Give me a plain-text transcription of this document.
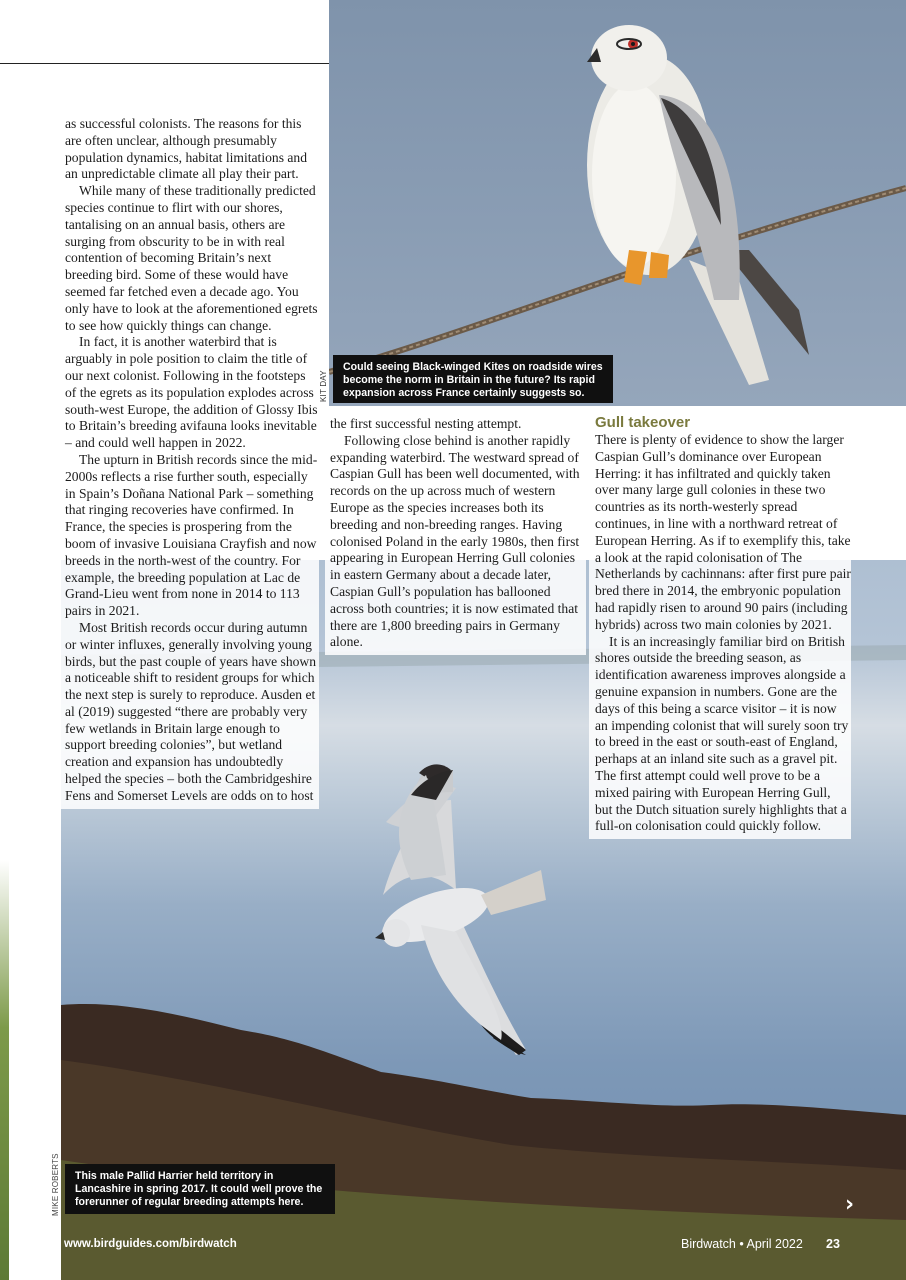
Could seeing Black-winged Kites on roadside wires become the norm in Britain in the future? Its rapid expansion across France certainly suggests so.
KIT DAY

as successful colonists. The reasons for this are often unclear, although presumably population dynamics, habitat limitations and an unpredictable climate all play their part.

While many of these traditionally predicted species continue to flirt with our shores, tantalising on an annual basis, others are surging from obscurity to be in with real contention of becoming Britain’s next breeding bird. Some of these would have seemed far fetched even a decade ago. You only have to look at the aforementioned egrets to see how quickly things can change.

In fact, it is another waterbird that is arguably in pole position to claim the title of our next colonist. Following in the footsteps of the egrets as its population explodes across south-west Europe, the addition of Glossy Ibis to Britain’s breeding avifauna looks inevitable – and could well happen in 2022.

The upturn in British records since the mid-2000s reflects a rise further south, especially in Spain’s Doñana National Park – something that ringing recoveries have confirmed. In France, the species is prospering from the boom of invasive Louisiana Crayfish and now breeds in the north-west of the country. For example, the breeding population at Lac de Grand-Lieu went from none in 2014 to 113 pairs in 2021.

Most British records occur during autumn or winter influxes, generally involving young birds, but the past couple of years have shown a noticeable shift to resident groups for which the next step is surely to reproduce. Ausden et al (2019) suggested “there are probably very few wetlands in Britain large enough to support breeding colonies”, but wetland creation and expansion has undoubtedly helped the species – both the Cambridgeshire Fens and Somerset Levels are odds on to host

the first successful nesting attempt.

Following close behind is another rapidly expanding waterbird. The westward spread of Caspian Gull has been well documented, with records on the up across much of western Europe as the species increases both its breeding and non-breeding ranges. Having colonised Poland in the early 1980s, then first appearing in European Herring Gull colonies in eastern Germany about a decade later, Caspian Gull’s population has ballooned across both countries; it is now estimated that there are 1,800 breeding pairs in Germany alone.

Gull takeover

There is plenty of evidence to show the larger Caspian Gull’s dominance over European Herring: it has infiltrated and quickly taken over many large gull colonies in these two countries as its north-westerly spread continues, in line with a northward retreat of European Herring. As if to exemplify this, take a look at the rapid colonisation of The Netherlands by cachinnans: after first pure pair bred there in 2014, the embryonic population had rapidly risen to around 90 pairs (including hybrids) across two main colonies by 2021.

It is an increasingly familiar bird on British shores outside the breeding season, as identification awareness improves alongside a genuine expansion in numbers. Gone are the days of this being a scarce visitor – it is now an impending colonist that will surely soon try to breed in the east or south-east of England, perhaps at an inland site such as a gravel pit. The first attempt could well prove to be a mixed pairing with European Herring Gull, but the Dutch situation surely highlights that a full-on colonisation could quickly follow.

This male Pallid Harrier held territory in Lancashire in spring 2017. It could well prove the forerunner of regular breeding attempts here.
MIKE ROBERTS	›
www.birdguides.com/birdwatch	Birdwatch • April 2022 23
